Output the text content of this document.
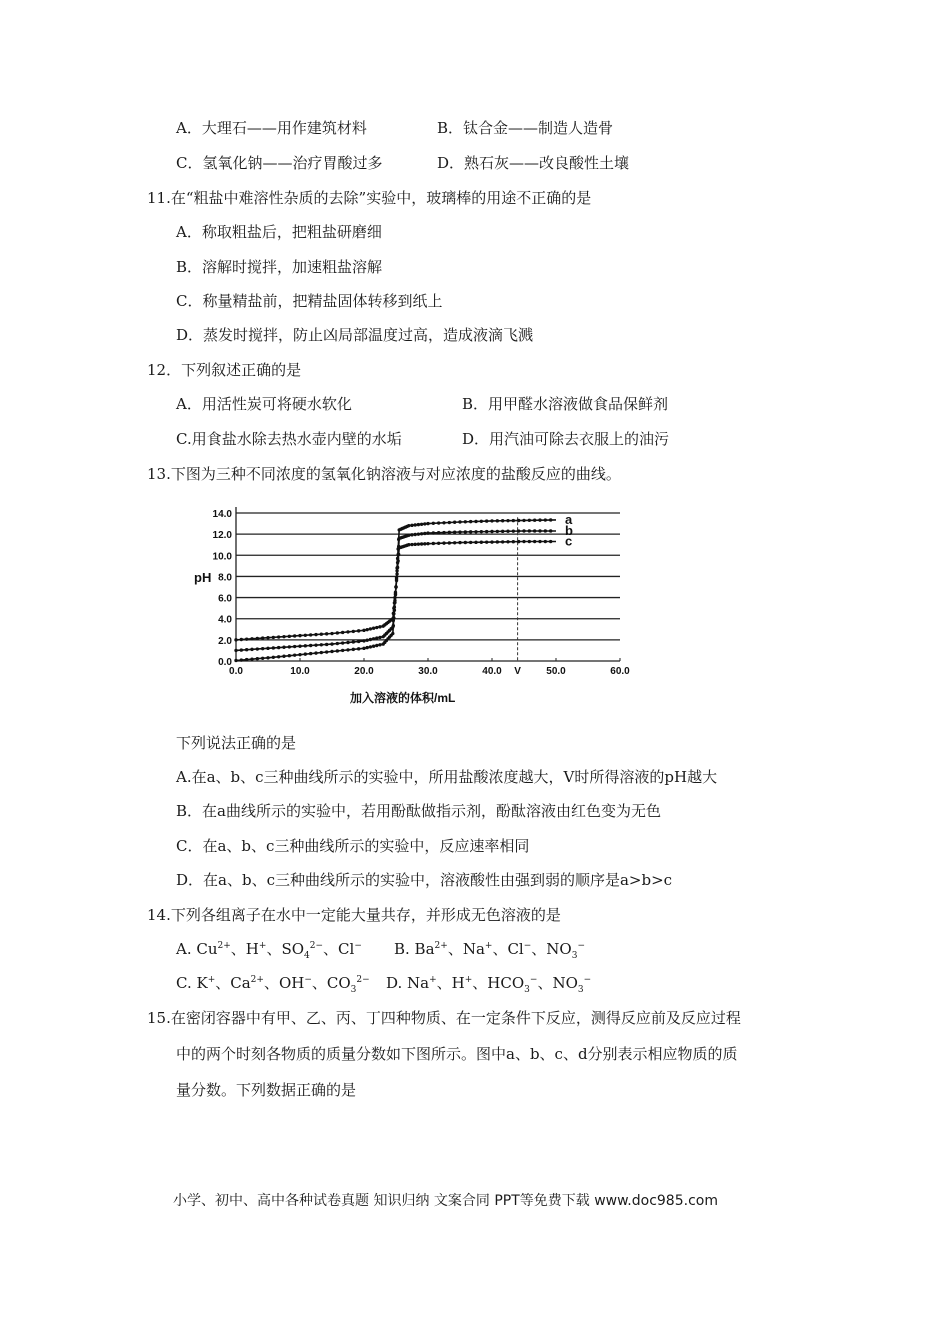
A．大理石——用作建筑材料	B．钛合金——制造人造骨
C．氢氧化钠——治疗胃酸过多	D．熟石灰——改良酸性土壤
11.在“粗盐中难溶性杂质的去除”实验中，玻璃棒的用途不正确的是
A．称取粗盐后，把粗盐研磨细
B．溶解时搅拌，加速粗盐溶解
C．称量精盐前，把精盐固体转移到纸上
D．蒸发时搅拌，防止凶局部温度过高，造成液滴飞溅
12．下列叙述正确的是
A．用活性炭可将硬水软化	B．用甲醛水溶液做食品保鲜剂
C.用食盐水除去热水壶内壁的水垢	D．用汽油可除去衣服上的油污
13.下图为三种不同浓度的氢氧化钠溶液与对应浓度的盐酸反应的曲线。
a
b
c
0.0
2.0
4.0
6.0
8.0
10.0
12.0
14.0
0.0	10.0	20.0	30.0	40.0	50.0	60.0
V
pH
加入溶液的体积/mL
下列说法正确的是
A.在a、b、c三种曲线所示的实验中，所用盐酸浓度越大，V时所得溶液的pH越大
B．在a曲线所示的实验中，若用酚酞做指示剂，酚酞溶液由红色变为无色
C．在a、b、c三种曲线所示的实验中，反应速率相同
D．在a、b、c三种曲线所示的实验中，溶液酸性由强到弱的顺序是a>b>c
14.下列各组离子在水中一定能大量共存，并形成无色溶液的是
A. $Cu^{2+}$、H+、$SO_4^{2-}$、Cl− B. $Ba^{2+}$、Na+、Cl−、$NO_3^-$
C. K+、$Ca^{2+}$、OH−、$CO_3^{2-}$ D. Na+、H+、$HCO_3^-$、$NO_3^-$
15.在密闭容器中有甲、乙、丙、丁四种物质、在一定条件下反应，测得反应前及反应过程
中的两个时刻各物质的质量分数如下图所示。图中a、b、c、d分别表示相应物质的质
量分数。下列数据正确的是
小学、初中、高中各种试卷真题 知识归纳 文案合同 PPT等免费下载 www.doc985.com
